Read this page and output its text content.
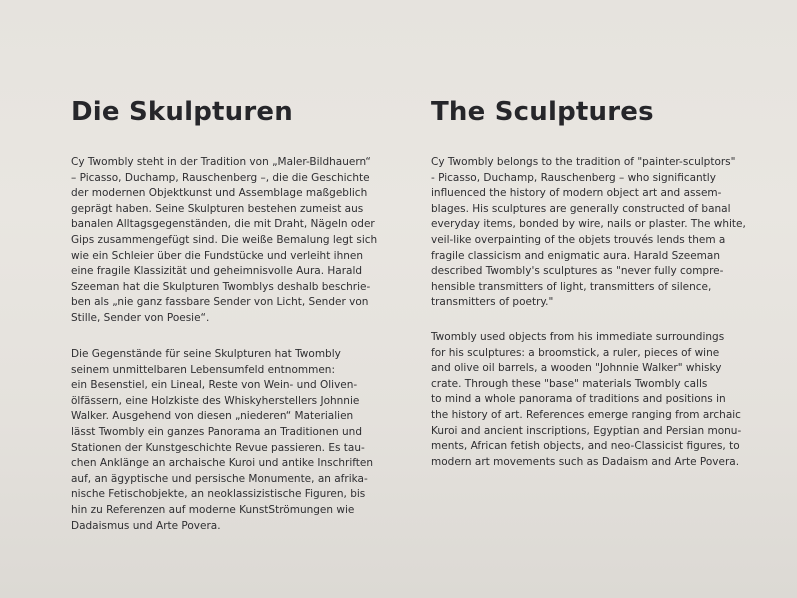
Die Skulpturen

Cy Twombly steht in der Tradition von „Maler-Bildhauern“
– Picasso, Duchamp, Rauschenberg –, die die Geschichte
der modernen Objektkunst und Assemblage maßgeblich
geprägt haben. Seine Skulpturen bestehen zumeist aus
banalen Alltagsgegenständen, die mit Draht, Nägeln oder
Gips zusammengefügt sind. Die weiße Bemalung legt sich
wie ein Schleier über die Fundstücke und verleiht ihnen
eine fragile Klassizität und geheimnisvolle Aura. Harald
Szeeman hat die Skulpturen Twomblys deshalb beschrie-
ben als „nie ganz fassbare Sender von Licht, Sender von
Stille, Sender von Poesie“.

Die Gegenstände für seine Skulpturen hat Twombly
seinem unmittelbaren Lebensumfeld entnommen:
ein Besenstiel, ein Lineal, Reste von Wein- und Oliven-
ölfässern, eine Holzkiste des Whiskyherstellers Johnnie
Walker. Ausgehend von diesen „niederen“ Materialien
lässt Twombly ein ganzes Panorama an Traditionen und
Stationen der Kunstgeschichte Revue passieren. Es tau-
chen Anklänge an archaische Kuroi und antike Inschriften
auf, an ägyptische und persische Monumente, an afrika-
nische Fetischobjekte, an neoklassizistische Figuren, bis
hin zu Referenzen auf moderne KunstStrömungen wie
Dadaismus und Arte Povera.

The Sculptures

Cy Twombly belongs to the tradition of "painter-sculptors"
- Picasso, Duchamp, Rauschenberg – who significantly
influenced the history of modern object art and assem-
blages. His sculptures are generally constructed of banal
everyday items, bonded by wire, nails or plaster. The white,
veil-like overpainting of the objets trouvés lends them a
fragile classicism and enigmatic aura. Harald Szeeman
described Twombly's sculptures as "never fully compre-
hensible transmitters of light, transmitters of silence,
transmitters of poetry."

Twombly used objects from his immediate surroundings
for his sculptures: a broomstick, a ruler, pieces of wine
and olive oil barrels, a wooden "Johnnie Walker" whisky
crate. Through these "base" materials Twombly calls
to mind a whole panorama of traditions and positions in
the history of art. References emerge ranging from archaic
Kuroi and ancient inscriptions, Egyptian and Persian monu-
ments, African fetish objects, and neo-Classicist figures, to
modern art movements such as Dadaism and Arte Povera.
